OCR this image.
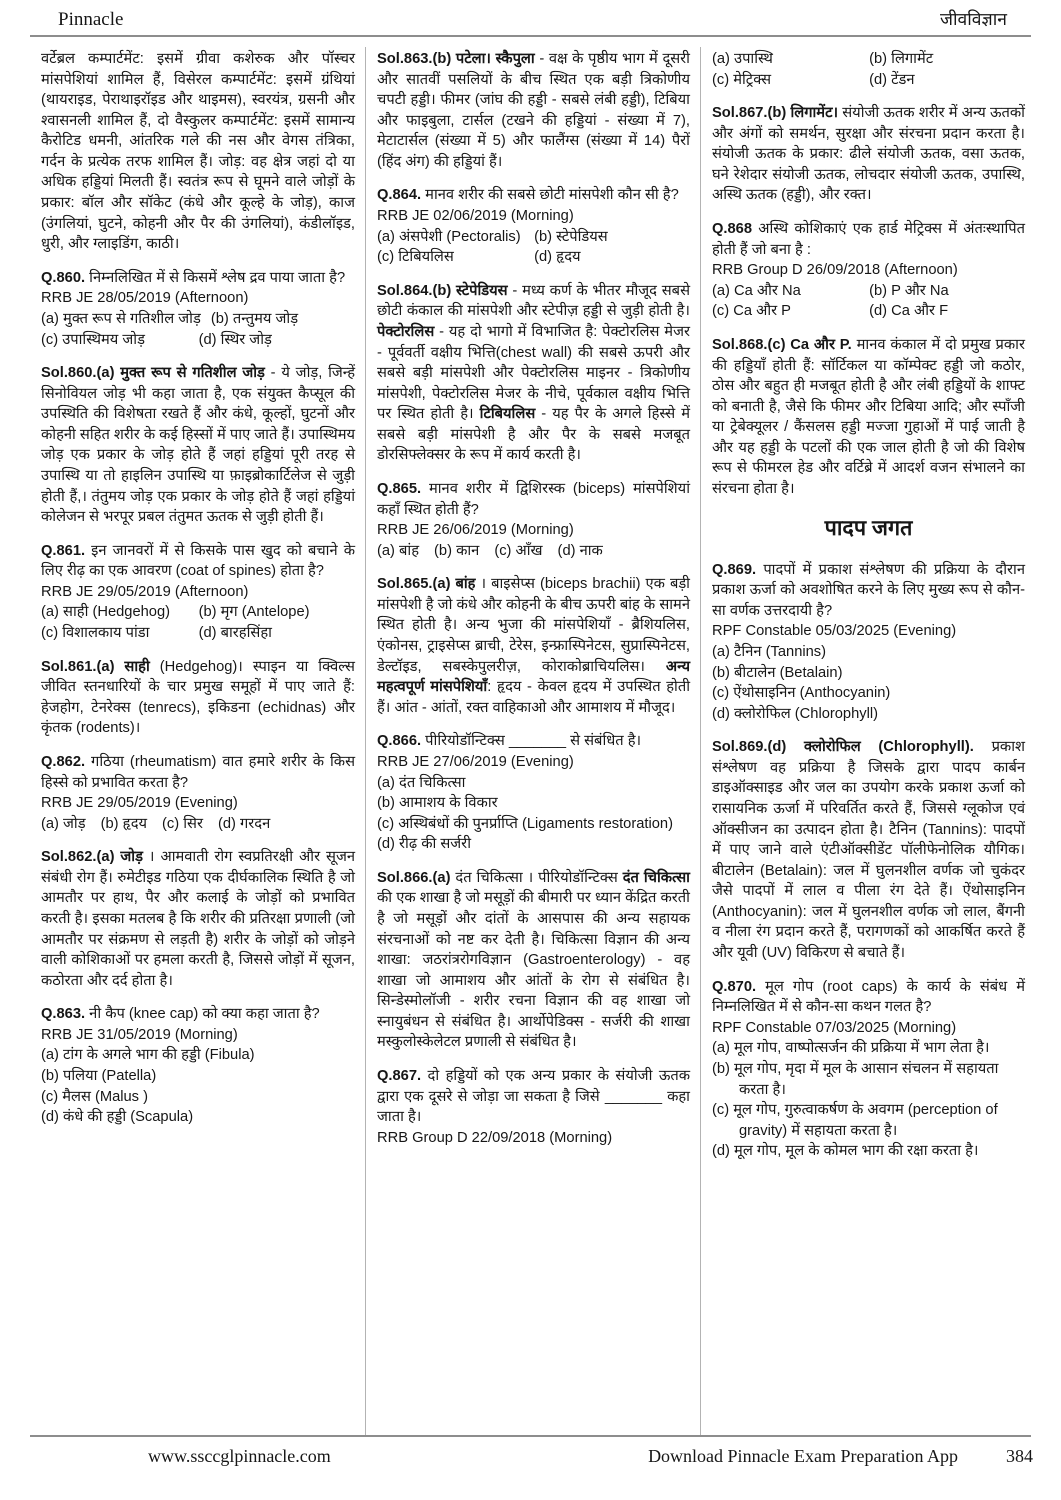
Pinnacle	जीवविज्ञान
वर्टेब्रल कम्पार्टमेंट: इसमें ग्रीवा कशेरुक और पॉस्चर मांसपेशियां शामिल हैं, विसेरल कम्पार्टमेंट: इसमें ग्रंथियां (थायराइड, पेराथाइरॉइड और थाइमस), स्वरयंत्र, ग्रसनी और श्वासनली शामिल हैं, दो वैस्कुलर कम्पार्टमेंट: इसमें सामान्य कैरोटिड धमनी, आंतरिक गले की नस और वेगस तंत्रिका, गर्दन के प्रत्येक तरफ शामिल हैं। जोड़: वह क्षेत्र जहां दो या अधिक हड्डियां मिलती हैं। स्वतंत्र रूप से घूमने वाले जोड़ों के प्रकार: बॉल और सॉकेट (कंधे और कूल्हे के जोड़), काज (उंगलियां, घुटने, कोहनी और पैर की उंगलियां), कंडीलॉइड, धुरी, और ग्लाइडिंग, काठी।
Q.860. निम्नलिखित में से किसमें श्लेष द्रव पाया जाता है?
RRB JE 28/05/2019 (Afternoon)
(a) मुक्त रूप से गतिशील जोड़ (b) तन्तुमय जोड़
(c) उपास्थिमय जोड़	(d) स्थिर जोड़
Sol.860.(a) मुक्त रूप से गतिशील जोड़ - ये जोड़, जिन्हें सिनोवियल जोड़ भी कहा जाता है, एक संयुक्त कैप्सूल की उपस्थिति की विशेषता रखते हैं और कंधे, कूल्हों, घुटनों और कोहनी सहित शरीर के कई हिस्सों में पाए जाते हैं। उपास्थिमय जोड़ एक प्रकार के जोड़ होते हैं जहां हड्डियां पूरी तरह से उपास्थि या तो हाइलिन उपास्थि या फ़ाइब्रोकार्टिलेज से जुड़ी होती हैं,। तंतुमय जोड़ एक प्रकार के जोड़ होते हैं जहां हड्डियां कोलेजन से भरपूर प्रबल तंतुमत ऊतक से जुड़ी होती हैं।
Q.861. इन जानवरों में से किसके पास खुद को बचाने के लिए रीढ़ का एक आवरण (coat of spines) होता है?
RRB JE 29/05/2019 (Afternoon)
(a) साही (Hedgehog)	(b) मृग (Antelope)
(c) विशालकाय पांडा	(d) बारहसिंहा
Sol.861.(a) साही (Hedgehog)। स्पाइन या क्विल्स जीवित स्तनधारियों के चार प्रमुख समूहों में पाए जाते हैं: हेजहोग, टेनरेक्स (tenrecs), इकिडना (echidnas) और कृंतक (rodents)।
Q.862. गठिया (rheumatism) वात हमारे शरीर के किस हिस्से को प्रभावित करता है?
RRB JE 29/05/2019 (Evening)
(a) जोड़ (b) हृदय (c) सिर (d) गरदन
Sol.862.(a) जोड़ । आमवाती रोग स्वप्रतिरक्षी और सूजन संबंधी रोग हैं। रुमेटीइड गठिया एक दीर्घकालिक स्थिति है जो आमतौर पर हाथ, पैर और कलाई के जोड़ों को प्रभावित करती है। इसका मतलब है कि शरीर की प्रतिरक्षा प्रणाली (जो आमतौर पर संक्रमण से लड़ती है) शरीर के जोड़ों को जोड़ने वाली कोशिकाओं पर हमला करती है, जिससे जोड़ों में सूजन, कठोरता और दर्द होता है।
Q.863. नी कैप (knee cap) को क्या कहा जाता है?
RRB JE 31/05/2019 (Morning)
(a) टांग के अगले भाग की हड्डी (Fibula)
(b) पलिया (Patella)
(c) मैलस (Malus )
(d) कंधे की हड्डी (Scapula)
Sol.863.(b) पटेला। स्कैपुला - वक्ष के पृष्ठीय भाग में दूसरी और सातवीं पसलियों के बीच स्थित एक बड़ी त्रिकोणीय चपटी हड्डी। फीमर (जांघ की हड्डी - सबसे लंबी हड्डी), टिबिया और फाइबुला, टार्सल (टखने की हड्डियां - संख्या में 7), मेटाटार्सल (संख्या में 5) और फालैंग्स (संख्या में 14) पैरों (हिंद अंग) की हड्डियां हैं।
Q.864. मानव शरीर की सबसे छोटी मांसपेशी कौन सी है?
RRB JE 02/06/2019 (Morning)
(a) अंसपेशी (Pectoralis) (b) स्टेपेडियस
(c) टिबियलिस	(d) हृदय
Sol.864.(b) स्टेपेडियस - मध्य कर्ण के भीतर मौजूद सबसे छोटी कंकाल की मांसपेशी और स्टेपीज़ हड्डी से जुड़ी होती है। पेक्टोरलिस - यह दो भागो में विभाजित है: पेक्टोरलिस मेजर - पूर्ववर्ती वक्षीय भित्ति(chest wall) की सबसे ऊपरी और सबसे बड़ी मांसपेशी और पेक्टोरलिस माइनर - त्रिकोणीय मांसपेशी, पेक्टोरलिस मेजर के नीचे, पूर्वकाल वक्षीय भित्ति पर स्थित होती है। टिबियलिस - यह पैर के अगले हिस्से में सबसे बड़ी मांसपेशी है और पैर के सबसे मजबूत डोरसिफ्लेक्सर के रूप में कार्य करती है।
Q.865. मानव शरीर में द्विशिरस्क (biceps) मांसपेशियां कहाँ स्थित होती हैं?
RRB JE 26/06/2019 (Morning)
(a) बांह (b) कान (c) आँख (d) नाक
Sol.865.(a) बांह । बाइसेप्स (biceps brachii) एक बड़ी मांसपेशी है जो कंधे और कोहनी के बीच ऊपरी बांह के सामने स्थित होती है। अन्य भुजा की मांसपेशियाँ - ब्रैशियलिस, एंकोनस, ट्राइसेप्स ब्राची, टेरेस, इन्फ्रास्पिनेटस, सुप्रास्पिनेटस, डेल्टॉइड, सबस्केपुलरीज़, कोराकोब्राचियलिस। अन्य महत्वपूर्ण मांसपेशियाँ: हृदय - केवल हृदय में उपस्थित होती हैं। आंत - आंतों, रक्त वाहिकाओ और आमाशय में मौजूद।
Q.866. पीरियोडॉन्टिक्स _______ से संबंधित है।
RRB JE 27/06/2019 (Evening)
(a) दंत चिकित्सा
(b) आमाशय के विकार
(c) अस्थिबंधों की पुनर्प्राप्ति (Ligaments restoration)
(d) रीढ़ की सर्जरी
Sol.866.(a) दंत चिकित्सा । पीरियोडॉन्टिक्स दंत चिकित्सा की एक शाखा है जो मसूड़ों की बीमारी पर ध्यान केंद्रित करती है जो मसूड़ों और दांतों के आसपास की अन्य सहायक संरचनाओं को नष्ट कर देती है। चिकित्सा विज्ञान की अन्य शाखा: जठरांत्ररोगविज्ञान (Gastroenterology) - वह शाखा जो आमाशय और आंतों के रोग से संबंधित है। सिन्डेस्मोलॉजी - शरीर रचना विज्ञान की वह शाखा जो स्नायुबंधन से संबंधित है। आर्थोपेडिक्स - सर्जरी की शाखा मस्कुलोस्केलेटल प्रणाली से संबंधित है।
Q.867. दो हड्डियों को एक अन्य प्रकार के संयोजी ऊतक द्वारा एक दूसरे से जोड़ा जा सकता है जिसे _______ कहा जाता है।
RRB Group D 22/09/2018 (Morning)
(a) उपास्थि	(b) लिगामेंट
(c) मेट्रिक्स	(d) टेंडन
Sol.867.(b) लिगामेंट। संयोजी ऊतक शरीर में अन्य ऊतकों और अंगों को समर्थन, सुरक्षा और संरचना प्रदान करता है। संयोजी ऊतक के प्रकार: ढीले संयोजी ऊतक, वसा ऊतक, घने रेशेदार संयोजी ऊतक, लोचदार संयोजी ऊतक, उपास्थि, अस्थि ऊतक (हड्डी), और रक्त।
Q.868 अस्थि कोशिकाएं एक हार्ड मेट्रिक्स में अंतःस्थापित होती हैं जो बना है :
RRB Group D 26/09/2018 (Afternoon)
(a) Ca और Na	(b) P और Na
(c) Ca और P	(d) Ca और F
Sol.868.(c) Ca और P. मानव कंकाल में दो प्रमुख प्रकार की हड्डियाँ होती हैं: सॉर्टिकल या कॉम्पेक्ट हड्डी जो कठोर, ठोस और बहुत ही मजबूत होती है और लंबी हड्डियों के शाफ्ट को बनाती है, जैसे कि फीमर और टिबिया आदि; और स्पाँजी या ट्रेबेक्यूलर / कैंसलस हड्डी मज्जा गुहाओं में पाई जाती है और यह हड्डी के पटलों की एक जाल होती है जो की विशेष रूप से फीमरल हेड और वर्टिब्रे में आदर्श वजन संभालने का संरचना होता है।
पादप जगत
Q.869. पादपों में प्रकाश संश्लेषण की प्रक्रिया के दौरान प्रकाश ऊर्जा को अवशोषित करने के लिए मुख्य रूप से कौन-सा वर्णक उत्तरदायी है?
RPF Constable 05/03/2025 (Evening)
(a) टैनिन (Tannins)
(b) बीटालेन (Betalain)
(c) ऐंथोसाइनिन (Anthocyanin)
(d) क्लोरोफिल (Chlorophyll)
Sol.869.(d) क्लोरोफिल (Chlorophyll). प्रकाश संश्लेषण वह प्रक्रिया है जिसके द्वारा पादप कार्बन डाइऑक्साइड और जल का उपयोग करके प्रकाश ऊर्जा को रासायनिक ऊर्जा में परिवर्तित करते हैं, जिससे ग्लूकोज एवं ऑक्सीजन का उत्पादन होता है। टैनिन (Tannins): पादपों में पाए जाने वाले एंटीऑक्सीडेंट पॉलीफेनोलिक यौगिक। बीटालेन (Betalain): जल में घुलनशील वर्णक जो चुकंदर जैसे पादपों में लाल व पीला रंग देते हैं। ऐंथोसाइनिन (Anthocyanin): जल में घुलनशील वर्णक जो लाल, बैंगनी व नीला रंग प्रदान करते हैं, परागणकों को आकर्षित करते हैं और यूवी (UV) विकिरण से बचाते हैं।
Q.870. मूल गोप (root caps) के कार्य के संबंध में निम्नलिखित में से कौन-सा कथन गलत है?
RPF Constable 07/03/2025 (Morning)
(a) मूल गोप, वाष्पोत्सर्जन की प्रक्रिया में भाग लेता है।
(b) मूल गोप, मृदा में मूल के आसान संचलन में सहायता करता है।
(c) मूल गोप, गुरुत्वाकर्षण के अवगम (perception of gravity) में सहायता करता है।
(d) मूल गोप, मूल के कोमल भाग की रक्षा करता है।
www.ssccglpinnacle.com	Download Pinnacle Exam Preparation App	384
